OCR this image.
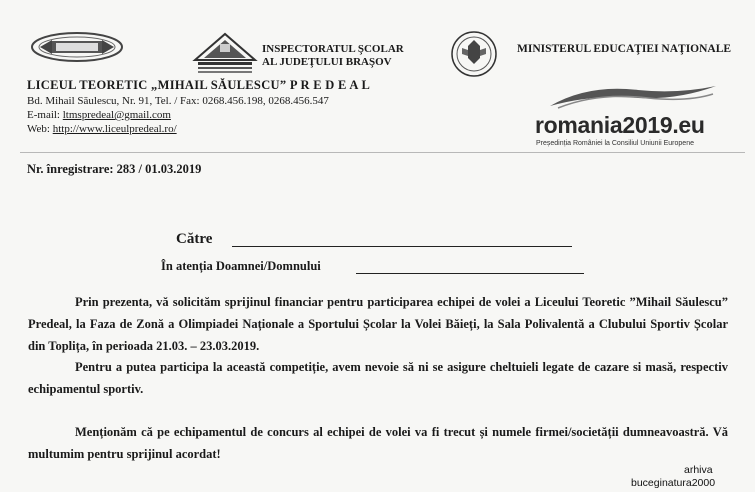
LICEUL TEORETIC „MIHAIL SĂULESCU” P R E D E A L
Bd. Mihail Săulescu, Nr. 91, Tel. / Fax: 0268.456.198, 0268.456.547
E-mail: ltmspredeal@gmail.com
Web: http://www.liceulpredeal.ro/
INSPECTORATUL ŞCOLAR
AL JUDEŢULUI BRAŞOV
MINISTERUL EDUCAŢIEI NAŢIONALE
romania2019.eu
Președinția României la Consiliul Uniunii Europene
Nr. înregistrare: 283 / 01.03.2019
Către
În atenția Doamnei/Domnului
Prin prezenta, vă solicităm sprijinul financiar pentru participarea echipei de volei a Liceului Teoretic ”Mihail Săulescu” Predeal, la Faza de Zonă a Olimpiadei Naționale a Sportului Școlar la Volei Băieți, la Sala Polivalentă a Clubului Sportiv Școlar din Toplița, în perioada 21.03. – 23.03.2019.
Pentru a putea participa la această competiție, avem nevoie să ni se asigure cheltuieli legate de cazare si masă, respectiv echipamentul sportiv.
Menționăm că pe echipamentul de concurs al echipei de volei va fi trecut și numele firmei/societății dumneavoastră. Vă multumim pentru sprijinul acordat!
arhiva
buceginatura2000
